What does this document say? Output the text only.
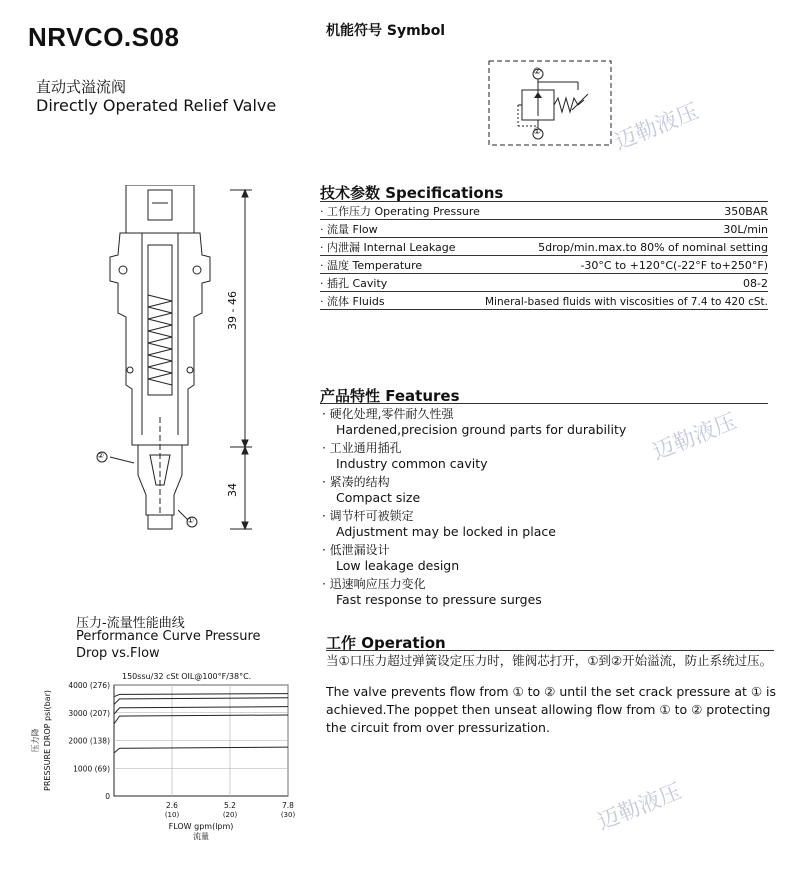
NRVCO.S08
直动式溢流阀
Directly Operated Relief Valve
机能符号 Symbol
②
①
39 - 46
34
②
①
技术参数 Specifications
· 工作压力 Operating Pressure	350BAR
· 流量 Flow	30L/min
· 内泄漏 Internal Leakage	5drop/min.max.to 80% of nominal setting
· 温度 Temperature	-30°C to +120°C(-22°F to+250°F)
· 插孔 Cavity	08-2
· 流体 Fluids	Mineral-based fluids with viscosities of 7.4 to 420 cSt.
产品特性 Features
· 硬化处理,零件耐久性强
Hardened,precision ground parts for durability
· 工业通用插孔
Industry common cavity
· 紧凑的结构
Compact size
· 调节杆可被锁定
Adjustment may be locked in place
· 低泄漏设计
Low leakage design
· 迅速响应压力变化
Fast response to pressure surges
工作 Operation
当①口压力超过弹簧设定压力时，锥阀芯打开，①到②开始溢流，防止系统过压。
The valve prevents flow from ① to ② until the set crack pressure at ① is achieved.The poppet then unseat allowing flow from ① to ② protecting the circuit from over pressurization.
压力-流量性能曲线
Performance Curve Pressure
Drop vs.Flow
0
1000 (69)
2000 (138)
3000 (207)
4000 (276)
2.6
(10)
5.2
(20)
7.8
(30)
150ssu/32 cSt OIL@100°F/38°C.
FLOW gpm(lpm)
流量
压力降 PRESSURE DROP psi(bar)
迈勒液压
迈勒液压
迈勒液压
